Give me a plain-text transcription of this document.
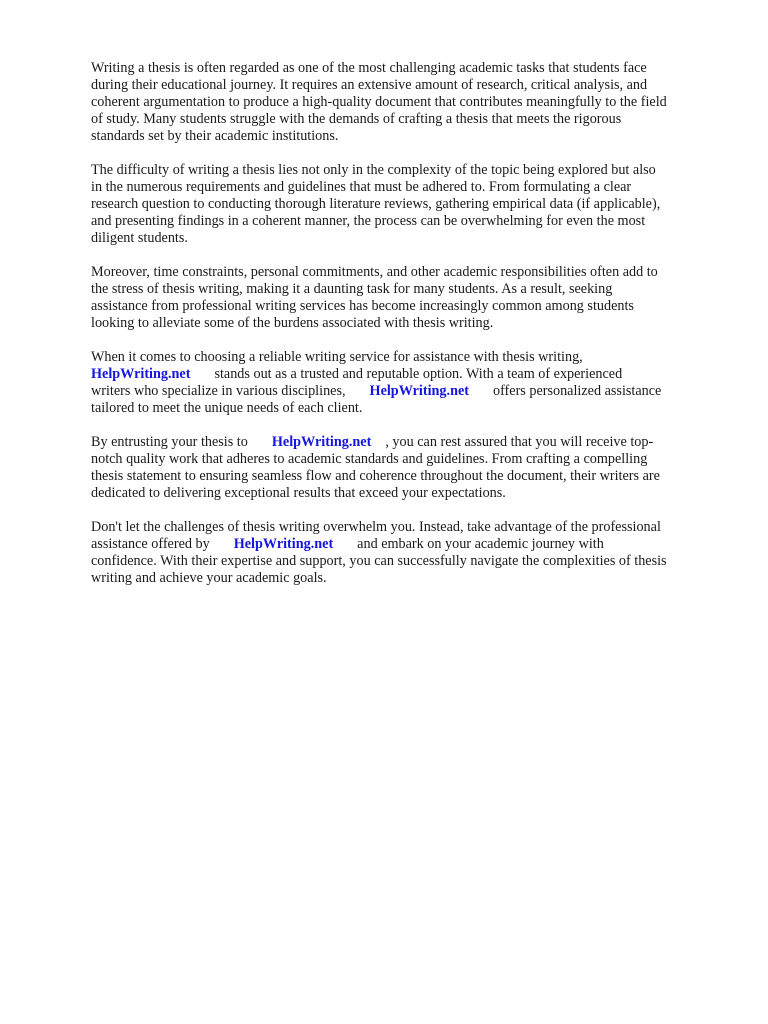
Writing a thesis is often regarded as one of the most challenging academic tasks that students face
during their educational journey. It requires an extensive amount of research, critical analysis, and
coherent argumentation to produce a high-quality document that contributes meaningfully to the field
of study. Many students struggle with the demands of crafting a thesis that meets the rigorous
standards set by their academic institutions.

The difficulty of writing a thesis lies not only in the complexity of the topic being explored but also
in the numerous requirements and guidelines that must be adhered to. From formulating a clear
research question to conducting thorough literature reviews, gathering empirical data (if applicable),
and presenting findings in a coherent manner, the process can be overwhelming for even the most
diligent students.

Moreover, time constraints, personal commitments, and other academic responsibilities often add to
the stress of thesis writing, making it a daunting task for many students. As a result, seeking
assistance from professional writing services has become increasingly common among students
looking to alleviate some of the burdens associated with thesis writing.

When it comes to choosing a reliable writing service for assistance with thesis writing,
HelpWriting.net stands out as a trusted and reputable option. With a team of experienced
writers who specialize in various disciplines, HelpWriting.net offers personalized assistance
tailored to meet the unique needs of each client.

By entrusting your thesis to HelpWriting.net , you can rest assured that you will receive top-
notch quality work that adheres to academic standards and guidelines. From crafting a compelling
thesis statement to ensuring seamless flow and coherence throughout the document, their writers are
dedicated to delivering exceptional results that exceed your expectations.

Don't let the challenges of thesis writing overwhelm you. Instead, take advantage of the professional
assistance offered by HelpWriting.net and embark on your academic journey with
confidence. With their expertise and support, you can successfully navigate the complexities of thesis
writing and achieve your academic goals.
